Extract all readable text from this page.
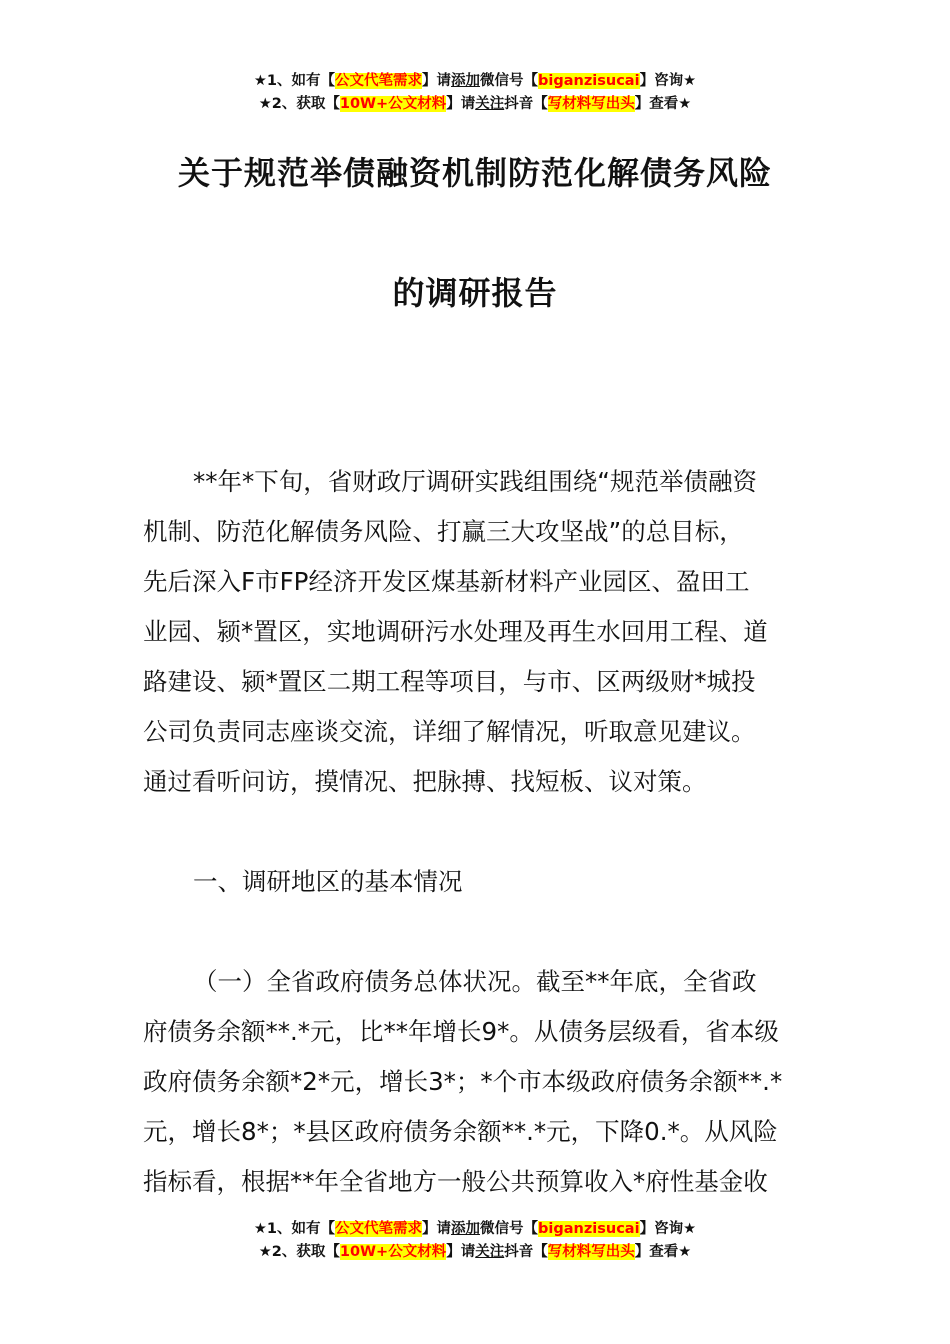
★1、如有【公文代笔需求】请添加微信号【biganzisucai】咨询★
★2、获取【10W+公文材料】请关注抖音【写材料写出头】查看★
关于规范举债融资机制防范化解债务风险
的调研报告
**年*下旬，省财政厅调研实践组围绕“规范举债融资
机制、防范化解债务风险、打赢三大攻坚战”的总目标，
先后深入F市FP经济开发区煤基新材料产业园区、盈田工
业园、颍*置区，实地调研污水处理及再生水回用工程、道
路建设、颍*置区二期工程等项目，与市、区两级财*城投
公司负责同志座谈交流，详细了解情况，听取意见建议。
通过看听问访，摸情况、把脉搏、找短板、议对策。
一、调研地区的基本情况
（一）全省政府债务总体状况。截至**年底，全省政
府债务余额**.*元，比**年增长9*。从债务层级看，省本级
政府债务余额*2*元，增长3*；*个市本级政府债务余额**.*
元，增长8*；*县区政府债务余额**.*元，下降0.*。从风险
指标看，根据**年全省地方一般公共预算收入*府性基金收
★1、如有【公文代笔需求】请添加微信号【biganzisucai】咨询★
★2、获取【10W+公文材料】请关注抖音【写材料写出头】查看★
